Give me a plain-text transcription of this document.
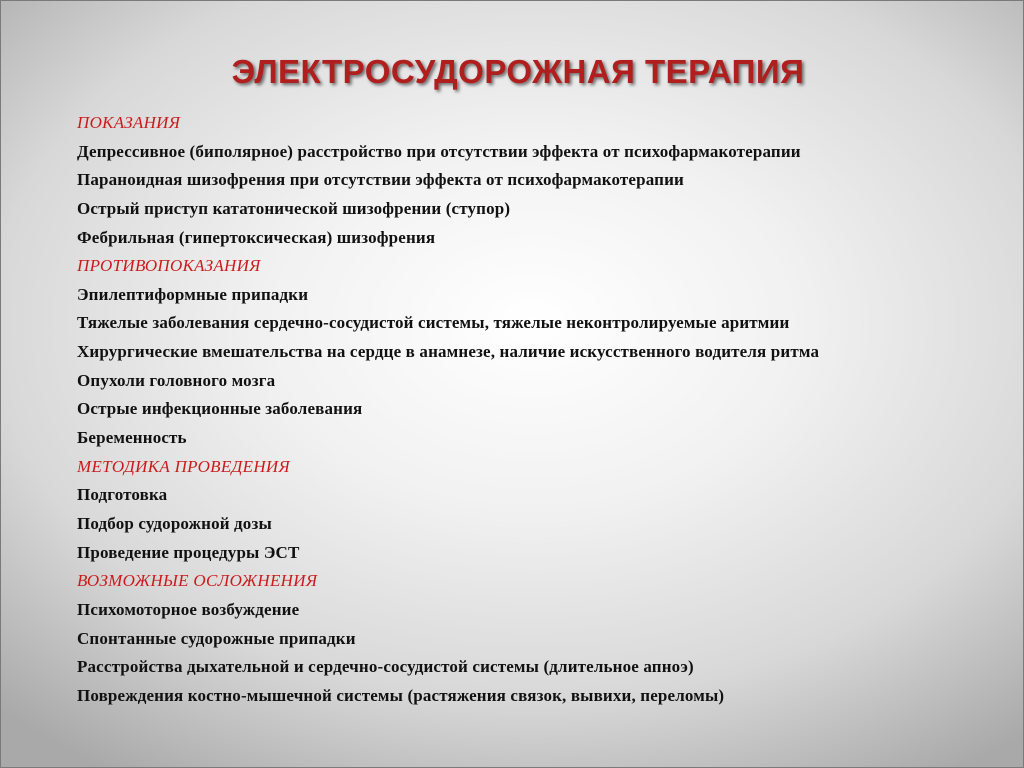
ЭЛЕКТРОСУДОРОЖНАЯ ТЕРАПИЯ
ПОКАЗАНИЯ
Депрессивное (биполярное) расстройство при отсутствии эффекта от психофармакотерапии
Параноидная шизофрения при отсутствии эффекта от психофармакотерапии
Острый приступ кататонической шизофрении (ступор)
Фебрильная (гипертоксическая) шизофрения
ПРОТИВОПОКАЗАНИЯ
Эпилептиформные припадки
Тяжелые заболевания сердечно-сосудистой системы, тяжелые неконтролируемые аритмии
Хирургические вмешательства на сердце в анамнезе, наличие искусственного водителя ритма
Опухоли головного мозга
Острые инфекционные заболевания
Беременность
МЕТОДИКА ПРОВЕДЕНИЯ
Подготовка
Подбор судорожной дозы
Проведение процедуры ЭСТ
ВОЗМОЖНЫЕ ОСЛОЖНЕНИЯ
Психомоторное возбуждение
Спонтанные судорожные припадки
Расстройства дыхательной и сердечно-сосудистой системы (длительное апноэ)
Повреждения костно-мышечной системы (растяжения связок, вывихи, переломы)
